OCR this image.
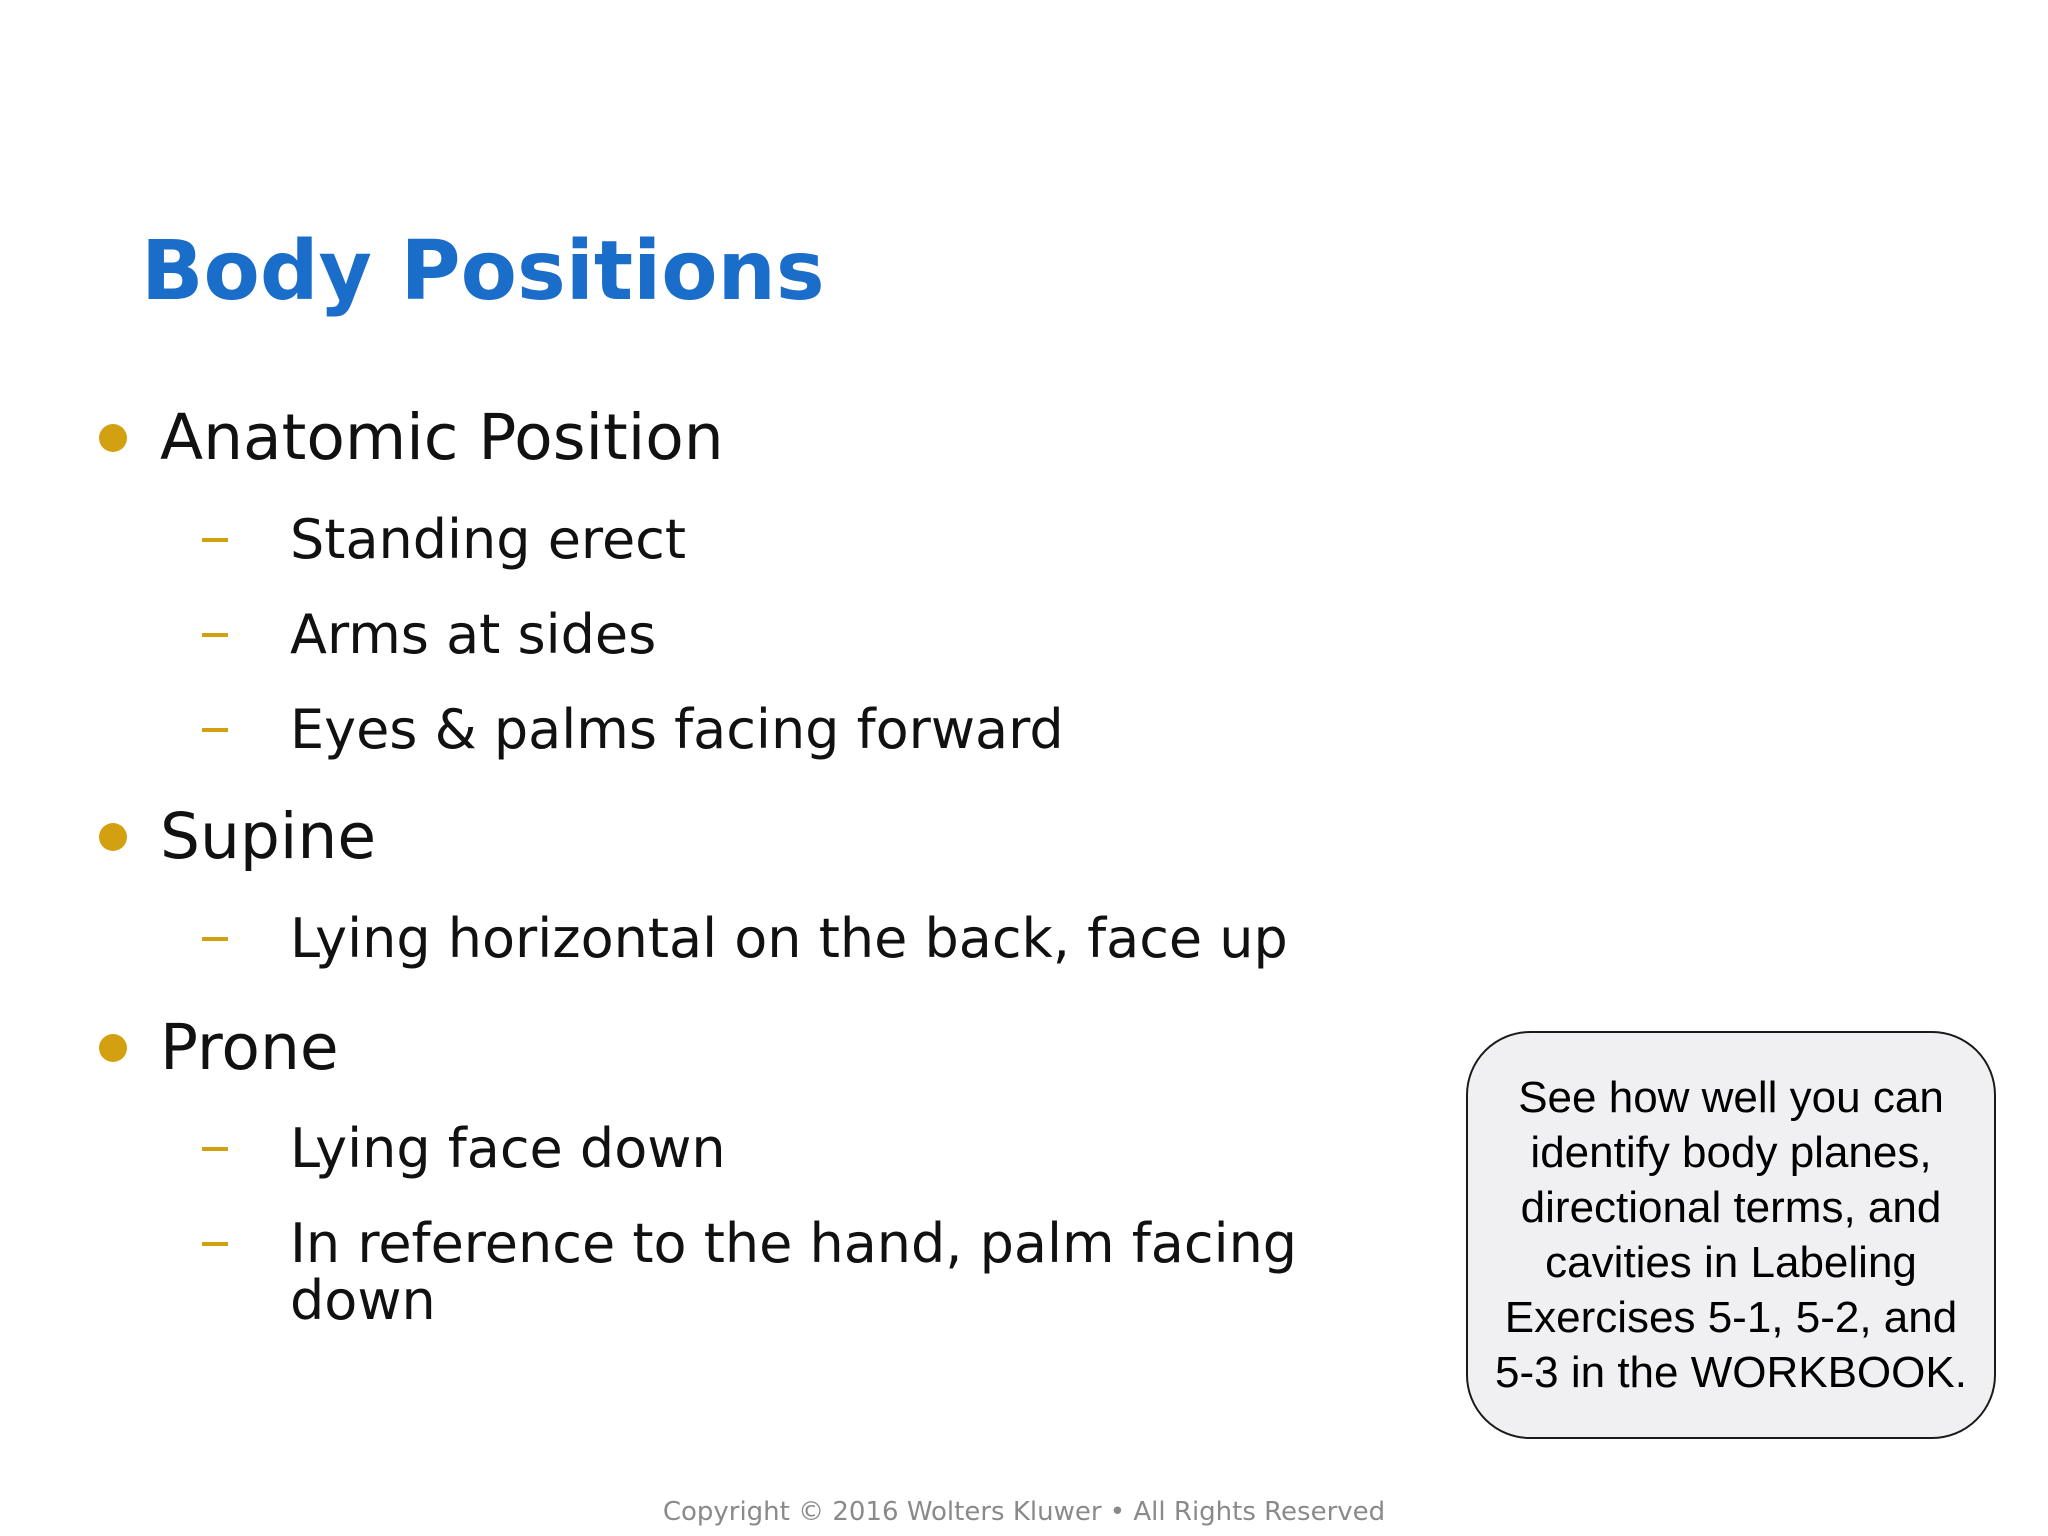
Body Positions
Anatomic Position
Standing erect
Arms at sides
Eyes & palms facing forward
Supine
Lying horizontal on the back, face up
Prone
Lying face down
In reference to the hand, palm facing down
See how well you can identify body planes, directional terms, and cavities in Labeling Exercises 5-1, 5-2, and 5-3 in the WORKBOOK.
Copyright © 2016 Wolters Kluwer • All Rights Reserved
